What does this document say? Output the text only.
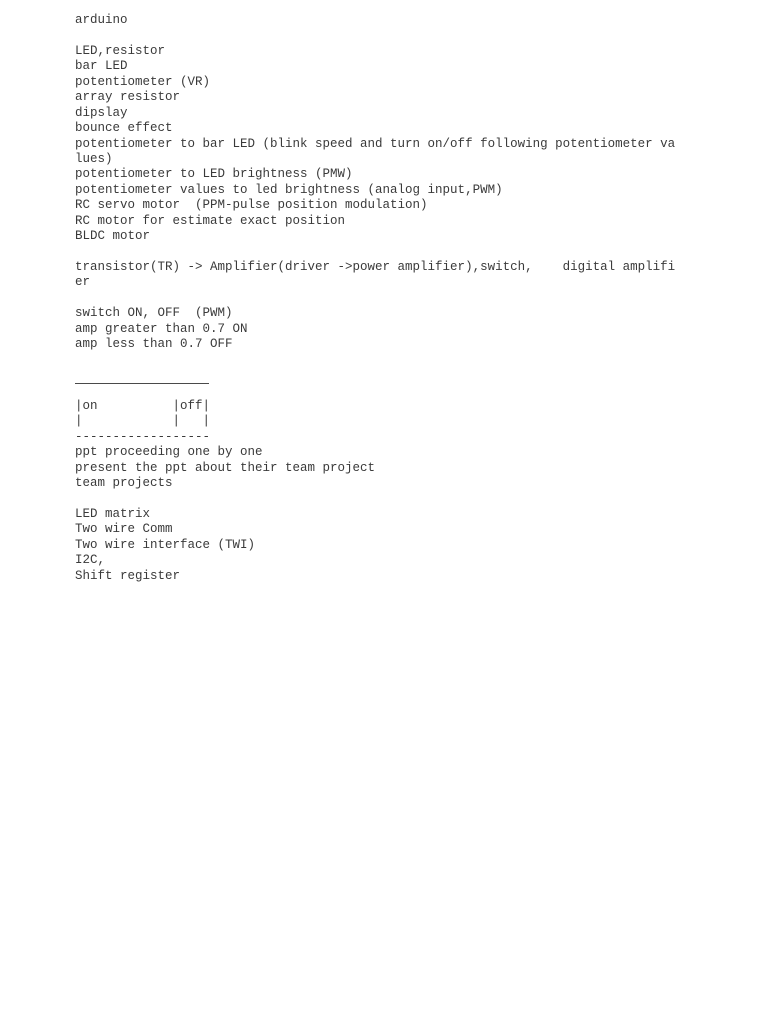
arduino
LED,resistor
bar LED
potentiometer (VR)
array resistor
dipslay
bounce effect
potentiometer to bar LED (blink speed and turn on/off following potentiometer va
lues)
potentiometer to LED brightness (PMW)
potentiometer values to led brightness (analog input,PWM)
RC servo motor  (PPM-pulse position modulation)
RC motor for estimate exact position
BLDC motor
transistor(TR) -> Amplifier(driver ->power amplifier),switch,    digital amplifi
er
switch ON, OFF  (PWM)
amp greater than 0.7 ON
amp less than 0.7 OFF
|on          |off|
|            |   |
------------------
ppt proceeding one by one
present the ppt about their team project
team projects
LED matrix
Two wire Comm
Two wire interface (TWI)
I2C,
Shift register
